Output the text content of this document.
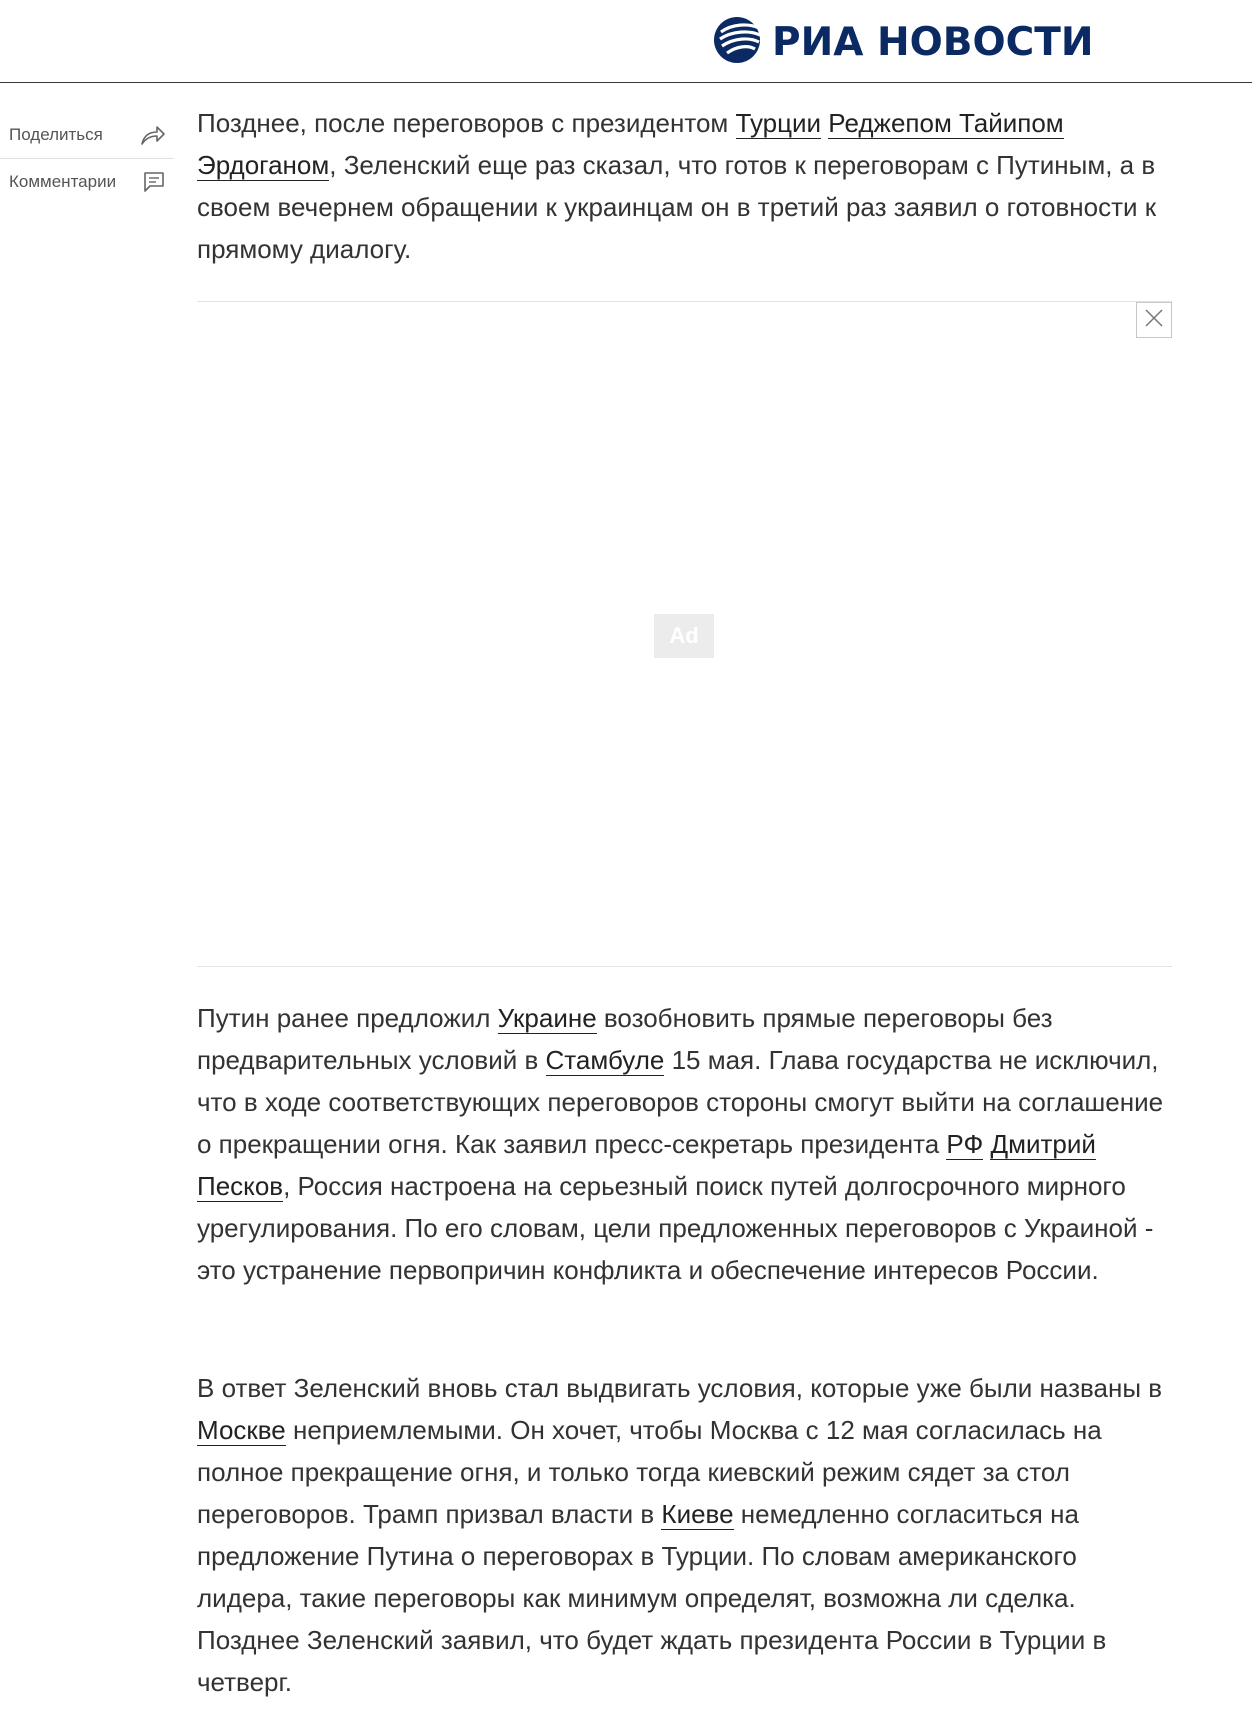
РИА НОВОСТИ
Поделиться
Комментарии

Позднее, после переговоров с президентом Турции Реджепом Тайипом Эрдоганом, Зеленский еще раз сказал, что готов к переговорам с Путиным, а в своем вечернем обращении к украинцам он в третий раз заявил о готовности к прямому диалогу.

Ad

Путин ранее предложил Украине возобновить прямые переговоры без предварительных условий в Стамбуле 15 мая. Глава государства не исключил, что в ходе соответствующих переговоров стороны смогут выйти на соглашение о прекращении огня. Как заявил пресс-секретарь президента РФ Дмитрий Песков, Россия настроена на серьезный поиск путей долгосрочного мирного урегулирования. По его словам, цели предложенных переговоров с Украиной - это устранение первопричин конфликта и обеспечение интересов России.

В ответ Зеленский вновь стал выдвигать условия, которые уже были названы в Москве неприемлемыми. Он хочет, чтобы Москва с 12 мая согласилась на полное прекращение огня, и только тогда киевский режим сядет за стол переговоров. Трамп призвал власти в Киеве немедленно согласиться на предложение Путина о переговорах в Турции. По словам американского лидера, такие переговоры как минимум определят, возможна ли сделка. Позднее Зеленский заявил, что будет ждать президента России в Турции в четверг.
